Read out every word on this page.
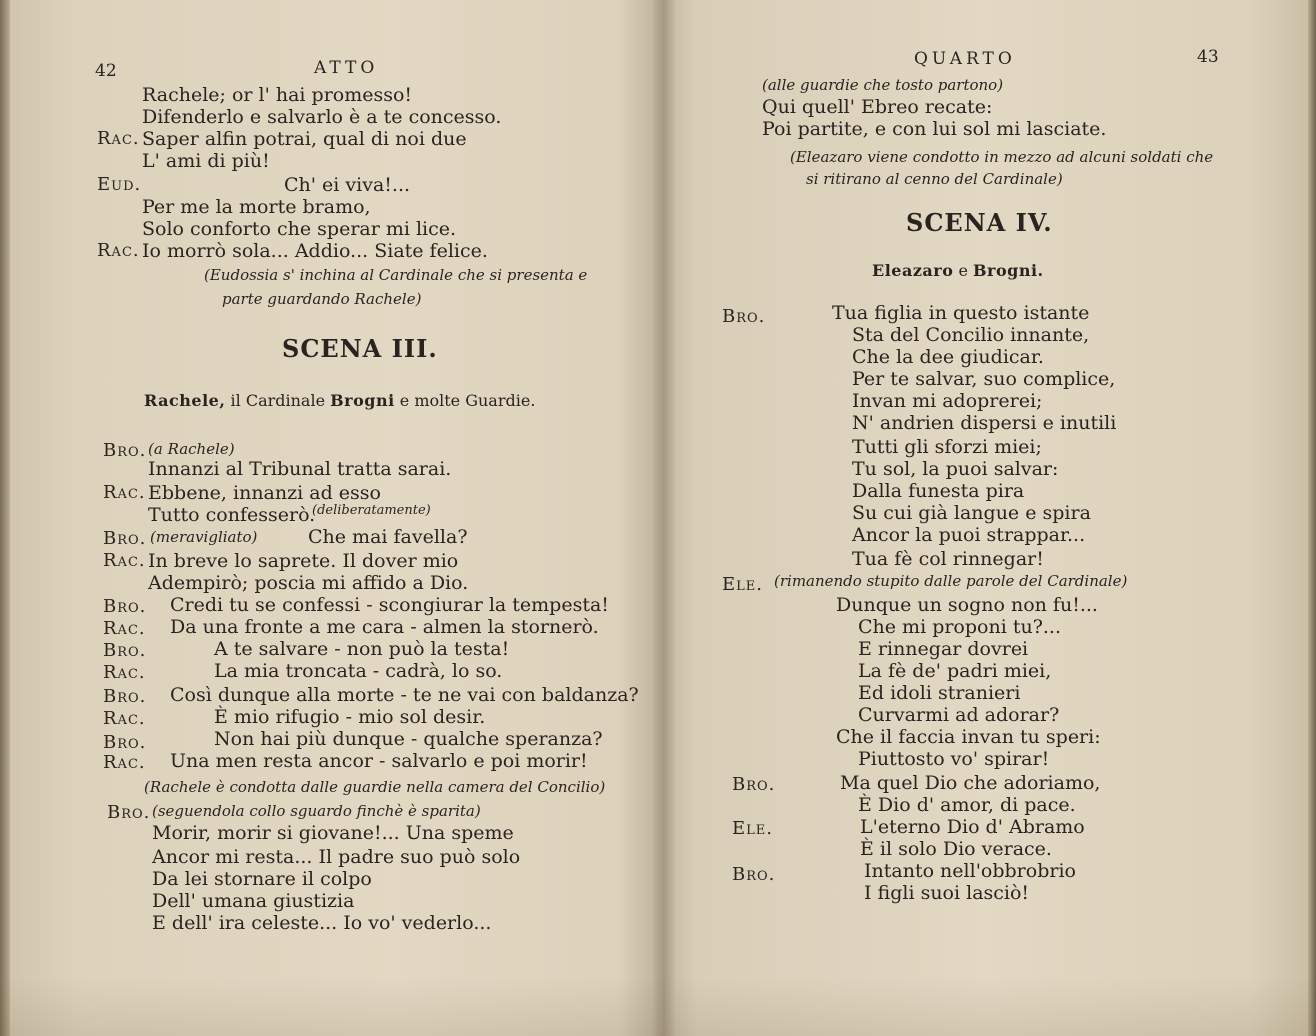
42	ATTO
Rachele; or l' hai promesso!
Difenderlo e salvarlo è a te concesso.
Rac. Saper alfin potrai, qual di noi due
L' ami di più!
Eud.	Ch' ei viva!...
Per me la morte bramo,
Solo conforto che sperar mi lice.
Rac. Io morrò sola... Addio... Siate felice.
(Eudossia s' inchina al Cardinale che si presenta e
parte guardando Rachele)
SCENA III.
Rachele, il Cardinale Brogni e molte Guardie.
Bro. (a Rachele)
Innanzi al Tribunal tratta sarai.
Rac. Ebbene, innanzi ad esso
Tutto confesserò.
(deliberatamente)
Bro. (meravigliato)	Che mai favella?
Rac. In breve lo saprete. Il dover mio
Adempirò; poscia mi affido a Dio.
Bro. Credi tu se confessi - scongiurar la tempesta!
Rac. Da una fronte a me cara - almen la stornerò.
Bro.	A te salvare - non può la testa!
Rac.	La mia troncata - cadrà, lo so.
Bro. Così dunque alla morte - te ne vai con baldanza?
Rac.	È mio rifugio - mio sol desir.
Bro.	Non hai più dunque - qualche speranza?
Rac. Una men resta ancor - salvarlo e poi morir!
(Rachele è condotta dalle guardie nella camera del Concilio)
Bro. (seguendola collo sguardo finchè è sparita)
Morir, morir si giovane!... Una speme
Ancor mi resta... Il padre suo può solo
Da lei stornare il colpo
Dell' umana giustizia
E dell' ira celeste... Io vo' vederlo...
QUARTO	43
(alle guardie che tosto partono)
Qui quell' Ebreo recate:
Poi partite, e con lui sol mi lasciate.
(Eleazaro viene condotto in mezzo ad alcuni soldati che
si ritirano al cenno del Cardinale)
SCENA IV.
Eleazaro e Brogni.
Bro.	Tua figlia in questo istante
Sta del Concilio innante,
Che la dee giudicar.
Per te salvar, suo complice,
Invan mi adoprerei;
N' andrien dispersi e inutili
Tutti gli sforzi miei;
Tu sol, la puoi salvar:
Dalla funesta pira
Su cui già langue e spira
Ancor la puoi strappar...
Tua fè col rinnegar!
Ele. (rimanendo stupito dalle parole del Cardinale)
Dunque un sogno non fu!...
Che mi proponi tu?...
E rinnegar dovrei
La fè de' padri miei,
Ed idoli stranieri
Curvarmi ad adorar?
Che il faccia invan tu speri:
Piuttosto vo' spirar!
Bro.	Ma quel Dio che adoriamo,
È Dio d' amor, di pace.
Ele.	L'eterno Dio d' Abramo
È il solo Dio verace.
Bro.	Intanto nell'obbrobrio
I figli suoi lasciò!
